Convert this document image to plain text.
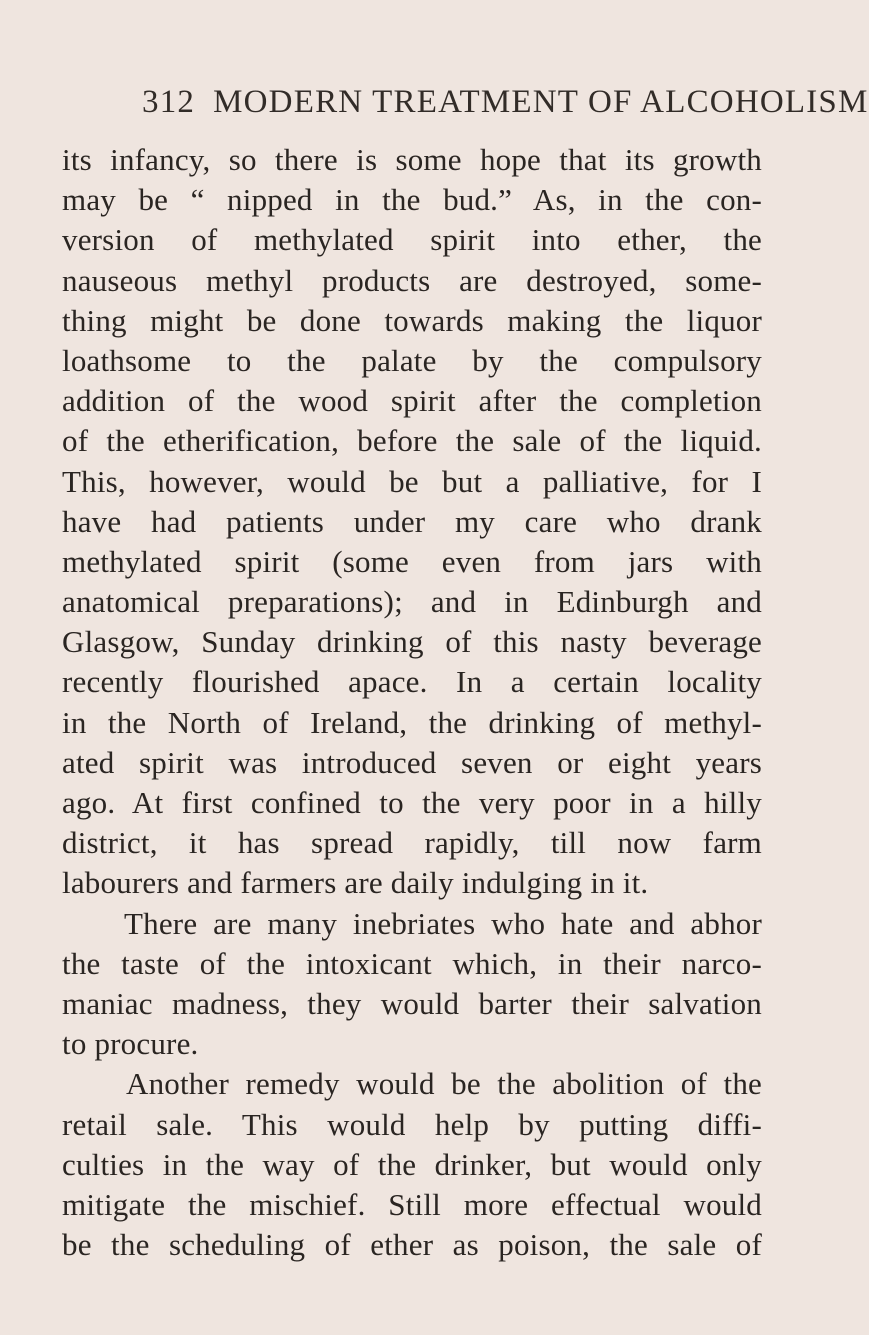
312 MODERN TREATMENT OF ALCOHOLISM
its infancy, so there is some hope that its growth
may be “ nipped in the bud.” As, in the con-
version of methylated spirit into ether, the
nauseous methyl products are destroyed, some-
thing might be done towards making the liquor
loathsome to the palate by the compulsory
addition of the wood spirit after the completion
of the etherification, before the sale of the liquid.
This, however, would be but a palliative, for I
have had patients under my care who drank
methylated spirit (some even from jars with
anatomical preparations); and in Edinburgh and
Glasgow, Sunday drinking of this nasty beverage
recently flourished apace. In a certain locality
in the North of Ireland, the drinking of methyl-
ated spirit was introduced seven or eight years
ago. At first confined to the very poor in a hilly
district, it has spread rapidly, till now farm
labourers and farmers are daily indulging in it.
There are many inebriates who hate and abhor
the taste of the intoxicant which, in their narco-
maniac madness, they would barter their salvation
to procure.
Another remedy would be the abolition of the
retail sale. This would help by putting diffi-
culties in the way of the drinker, but would only
mitigate the mischief. Still more effectual would
be the scheduling of ether as poison, the sale of
